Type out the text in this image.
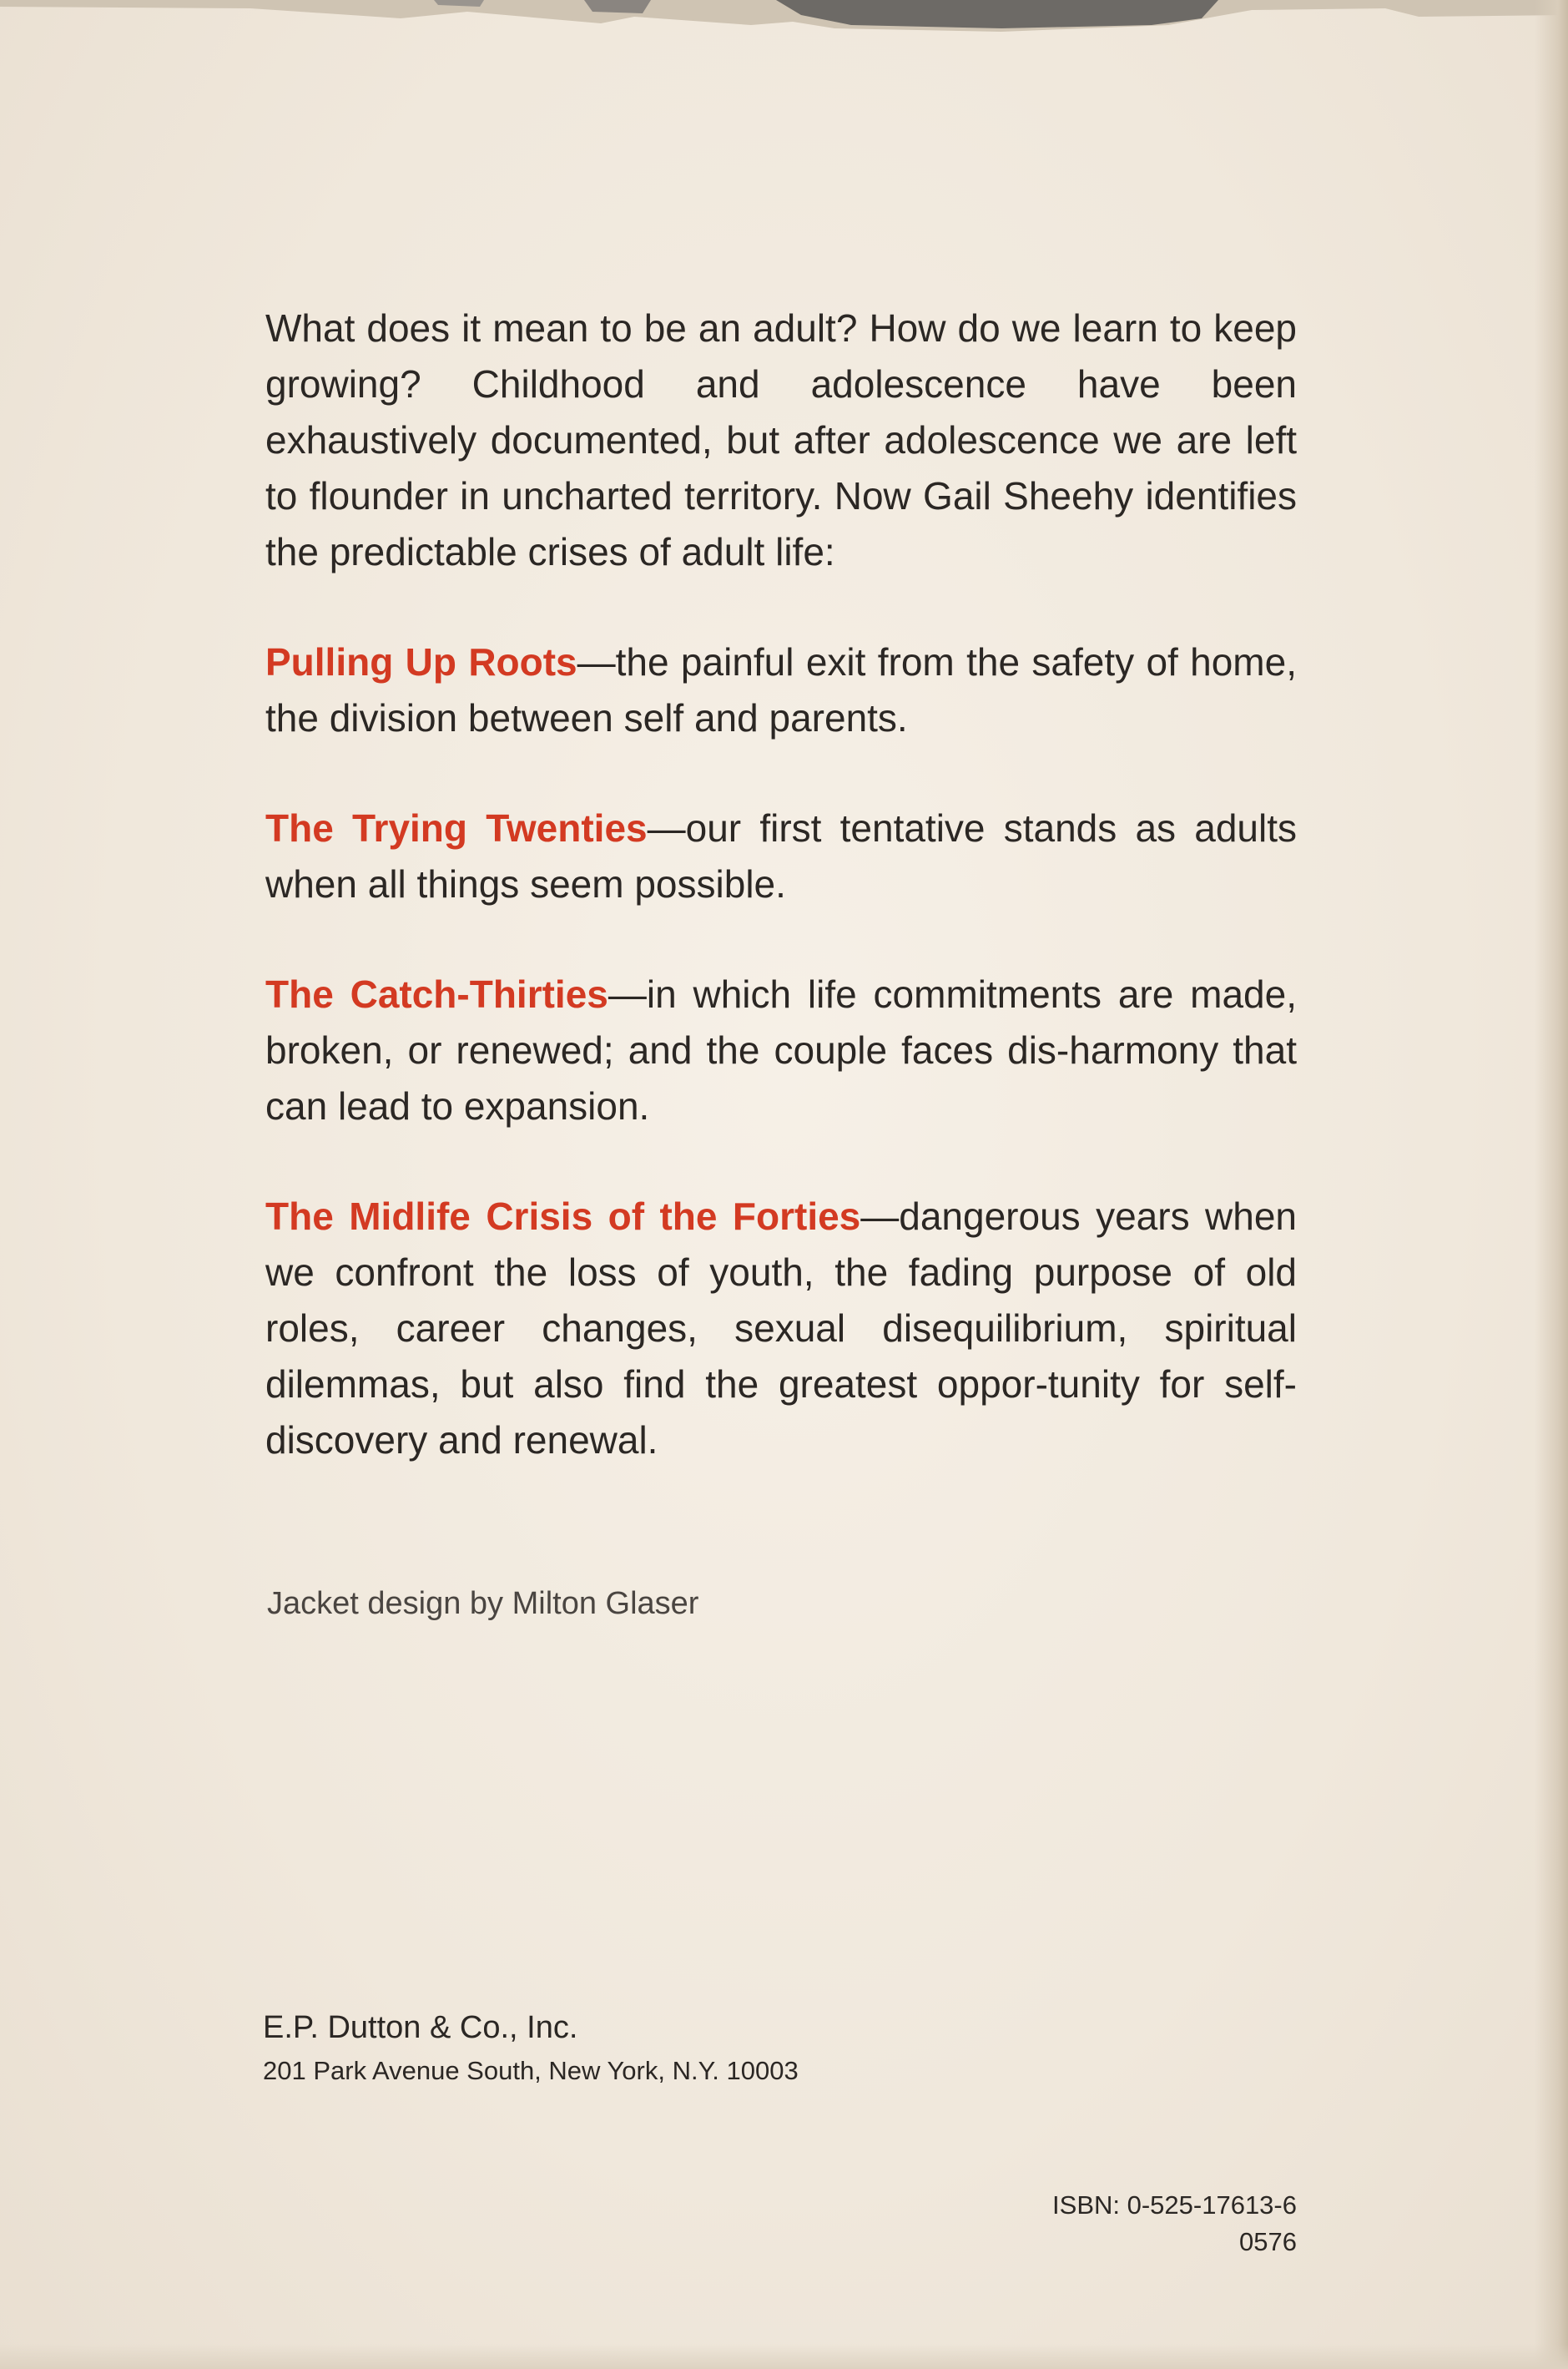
What does it mean to be an adult? How do we learn to keep growing? Childhood and adolescence have been exhaustively documented, but after adolescence we are left to flounder in uncharted territory. Now Gail Sheehy identifies the predictable crises of adult life:

Pulling Up Roots—the painful exit from the safety of home, the division between self and parents.

The Trying Twenties—our first tentative stands as adults when all things seem possible.

The Catch-Thirties—in which life commitments are made, broken, or renewed; and the couple faces dis-harmony that can lead to expansion.

The Midlife Crisis of the Forties—dangerous years when we confront the loss of youth, the fading purpose of old roles, career changes, sexual disequilibrium, spiritual dilemmas, but also find the greatest oppor-tunity for self-discovery and renewal.

Jacket design by Milton Glaser

E.P. Dutton & Co., Inc.
201 Park Avenue South, New York, N.Y. 10003
ISBN: 0-525-17613-6
0576
